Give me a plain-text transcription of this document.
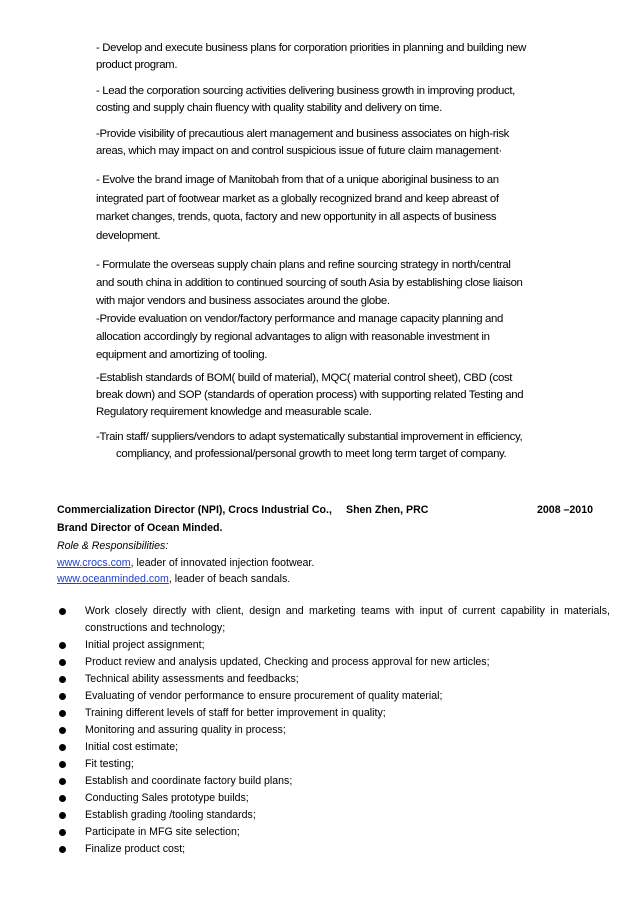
- Develop and execute business plans for corporation priorities in planning and building new
product program.
- Lead the corporation sourcing activities delivering business growth in improving product,
costing and supply chain fluency with quality stability and delivery on time.
-Provide visibility of precautious alert management and business associates on high-risk
areas, which may impact on and control suspicious issue of future claim management·
- Evolve the brand image of Manitobah from that of a unique aboriginal business to an
integrated part of footwear market as a globally recognized brand and keep abreast of
market changes, trends, quota, factory and new opportunity in all aspects of business
development.
- Formulate the overseas supply chain plans and refine sourcing strategy in north/central
and south china in addition to continued sourcing of south Asia by establishing close liaison
with major vendors and business associates around the globe.
-Provide evaluation on vendor/factory performance and manage capacity planning and
allocation accordingly by regional advantages to align with reasonable investment in
equipment and amortizing of tooling.
-Establish standards of BOM( build of material), MQC( material control sheet), CBD (cost
break down) and SOP (standards of operation process) with supporting related Testing and
Regulatory requirement knowledge and measurable scale.
-Train staff/ suppliers/vendors to adapt systematically substantial improvement in efficiency,
compliancy, and professional/personal growth to meet long term target of company.
Commercialization Director (NPI), Crocs Industrial Co., Shen Zhen, PRC	2008 –2010
Brand Director of Ocean Minded.
Role & Responsibilities:
www.crocs.com, leader of innovated injection footwear.
www.oceanminded.com, leader of beach sandals.
Work closely directly with client, design and marketing teams with input of current capability in materials, constructions and technology;
Initial project assignment;
Product review and analysis updated, Checking and process approval for new articles;
Technical ability assessments and feedbacks;
Evaluating of vendor performance to ensure procurement of quality material;
Training different levels of staff for better improvement in quality;
Monitoring and assuring quality in process;
Initial cost estimate;
Fit testing;
Establish and coordinate factory build plans;
Conducting Sales prototype builds;
Establish grading /tooling standards;
Participate in MFG site selection;
Finalize product cost;
